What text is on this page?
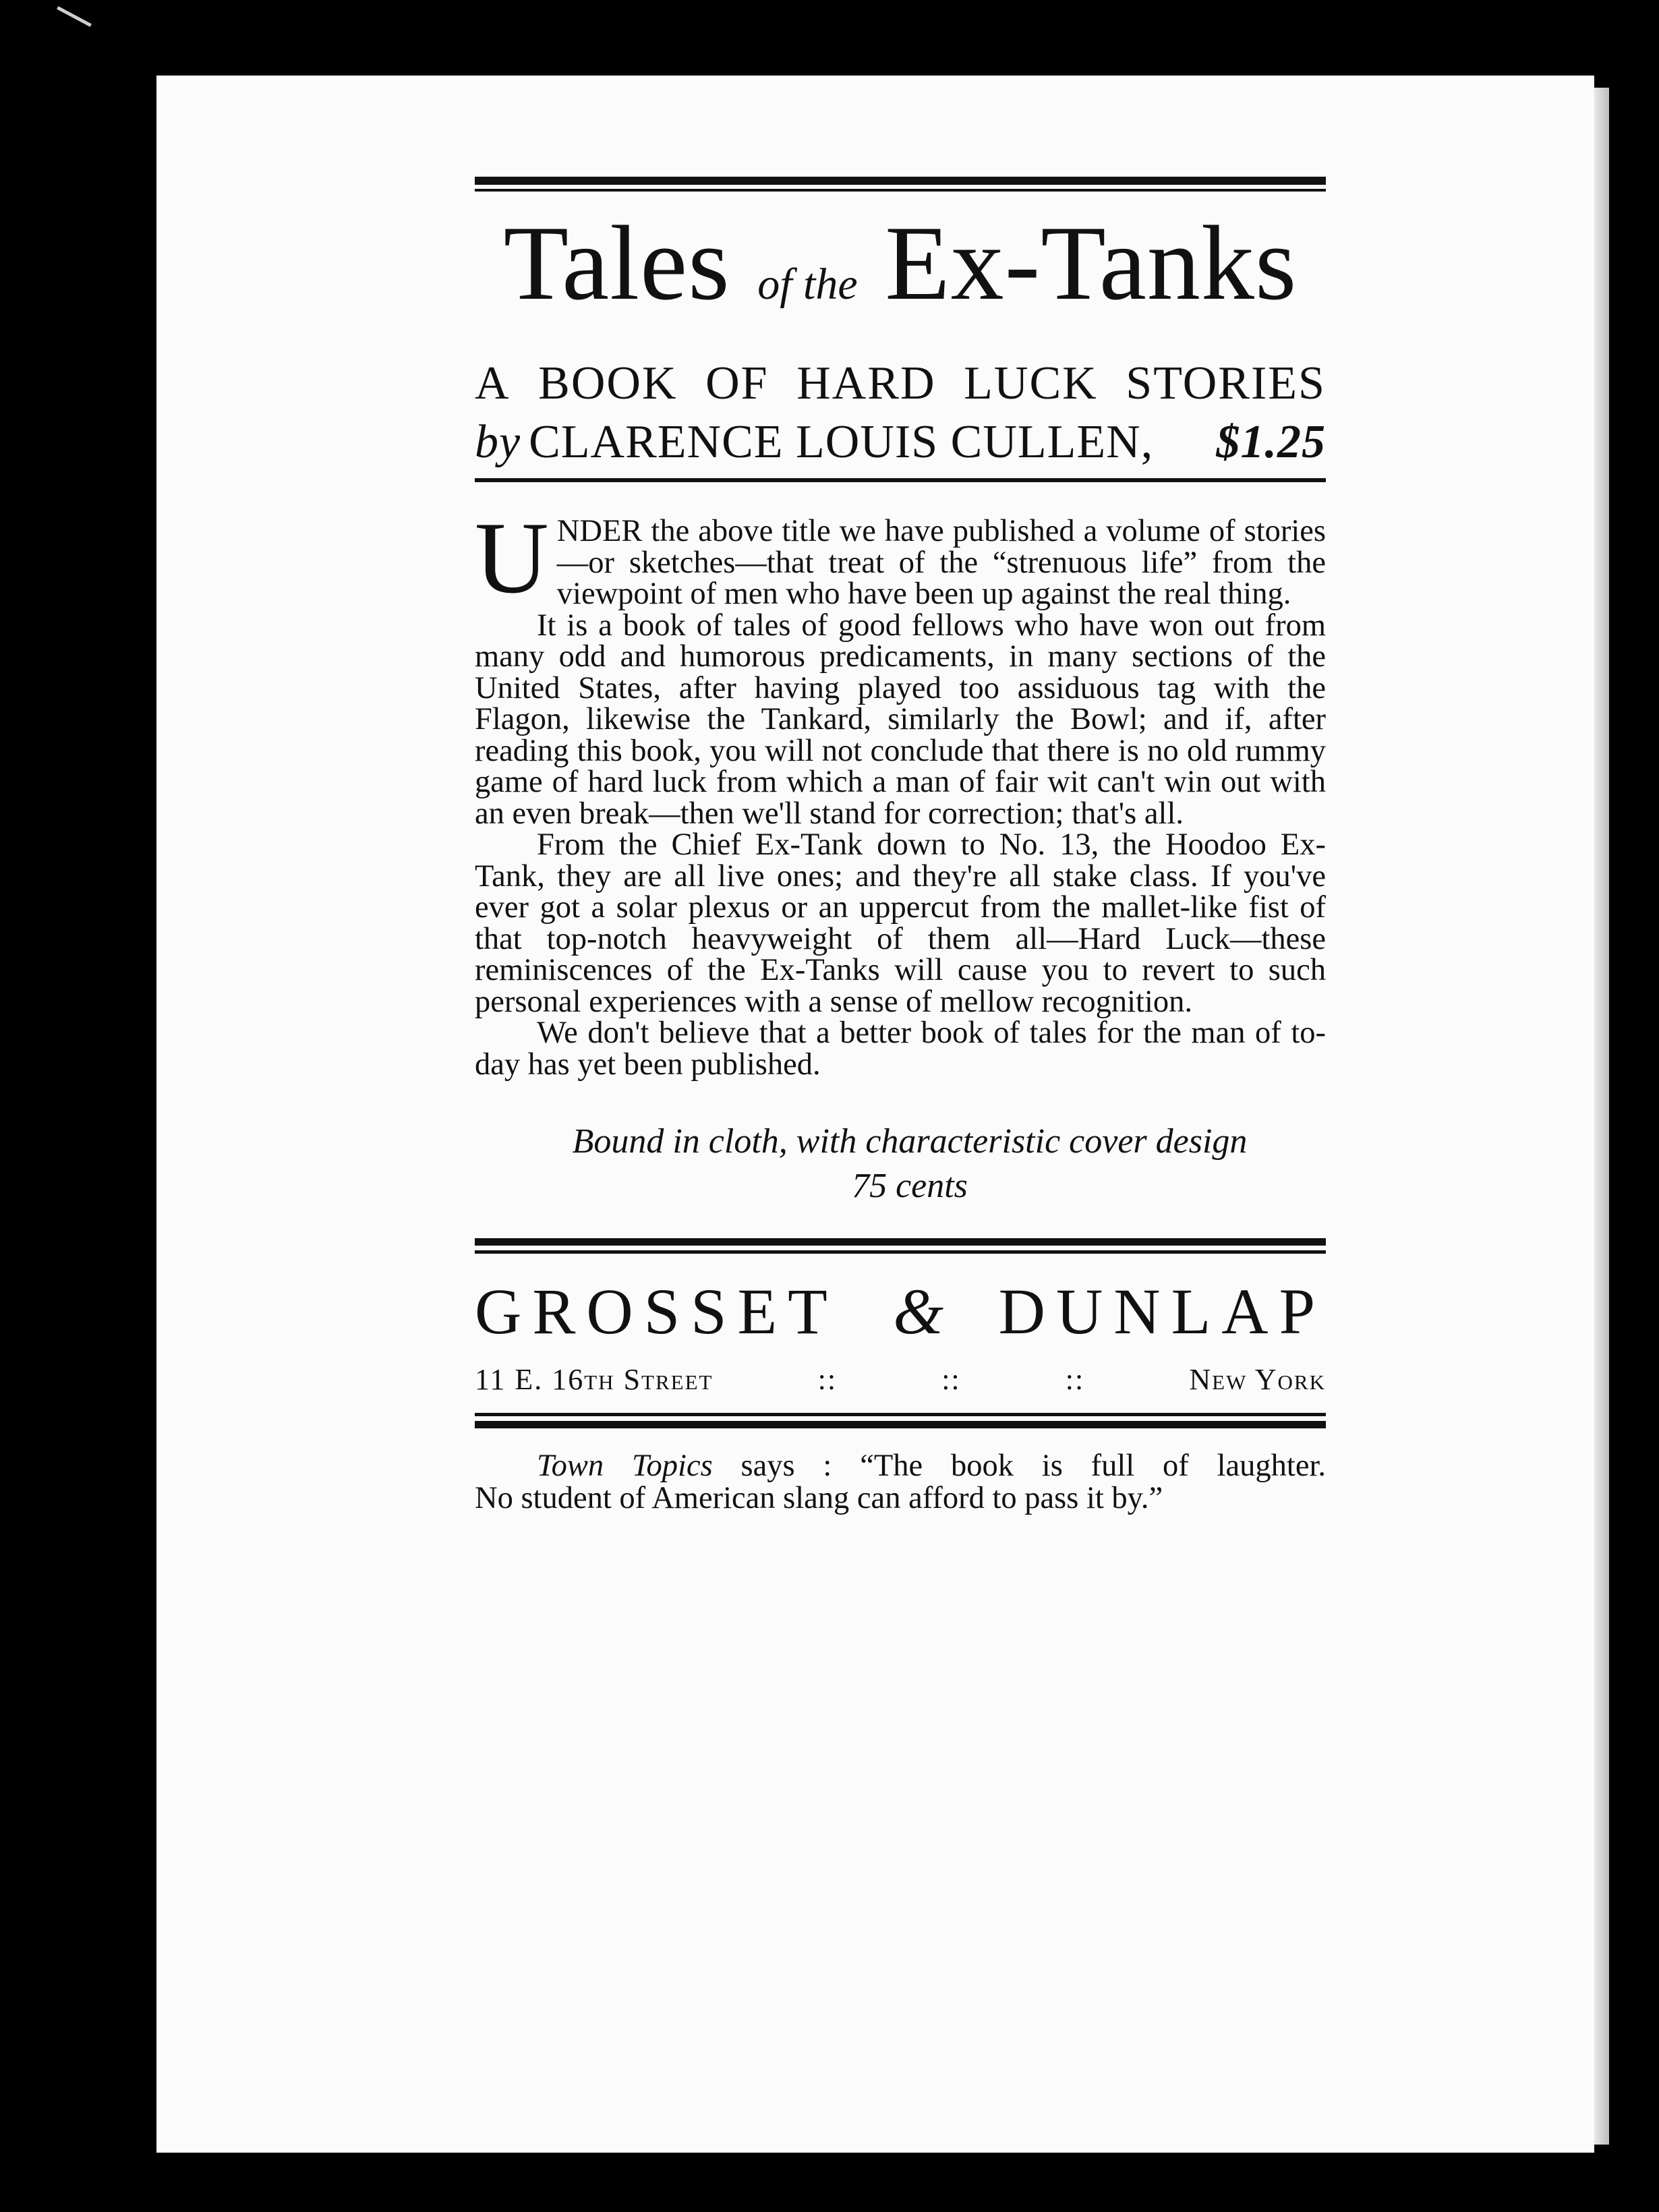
Tales of the Ex-Tanks
A BOOK OF HARD LUCK STORIES
by CLARENCE LOUIS CULLEN, $1.25

UNDER the above title we have published a volume of stories—or sketches—that treat of the “strenuous life” from the viewpoint of men who have been up against the real thing.

It is a book of tales of good fellows who have won out from many odd and humorous predicaments, in many sections of the United States, after having played too assiduous tag with the Flagon, likewise the Tankard, similarly the Bowl; and if, after reading this book, you will not conclude that there is no old rummy game of hard luck from which a man of fair wit can't win out with an even break—then we'll stand for correction; that's all.

From the Chief Ex-Tank down to No. 13, the Hoodoo Ex-Tank, they are all live ones; and they're all stake class. If you've ever got a solar plexus or an uppercut from the mallet-like fist of that top-notch heavyweight of them all—Hard Luck—these reminiscences of the Ex-Tanks will cause you to revert to such personal experiences with a sense of mellow recognition.

We don't believe that a better book of tales for the man of to-day has yet been published.

Bound in cloth, with characteristic cover design
75 cents
GROSSET & DUNLAP
11 E. 16th Street	::	::	::	New York

Town Topics says : “The book is full of laughter.

No student of American slang can afford to pass it by.”
